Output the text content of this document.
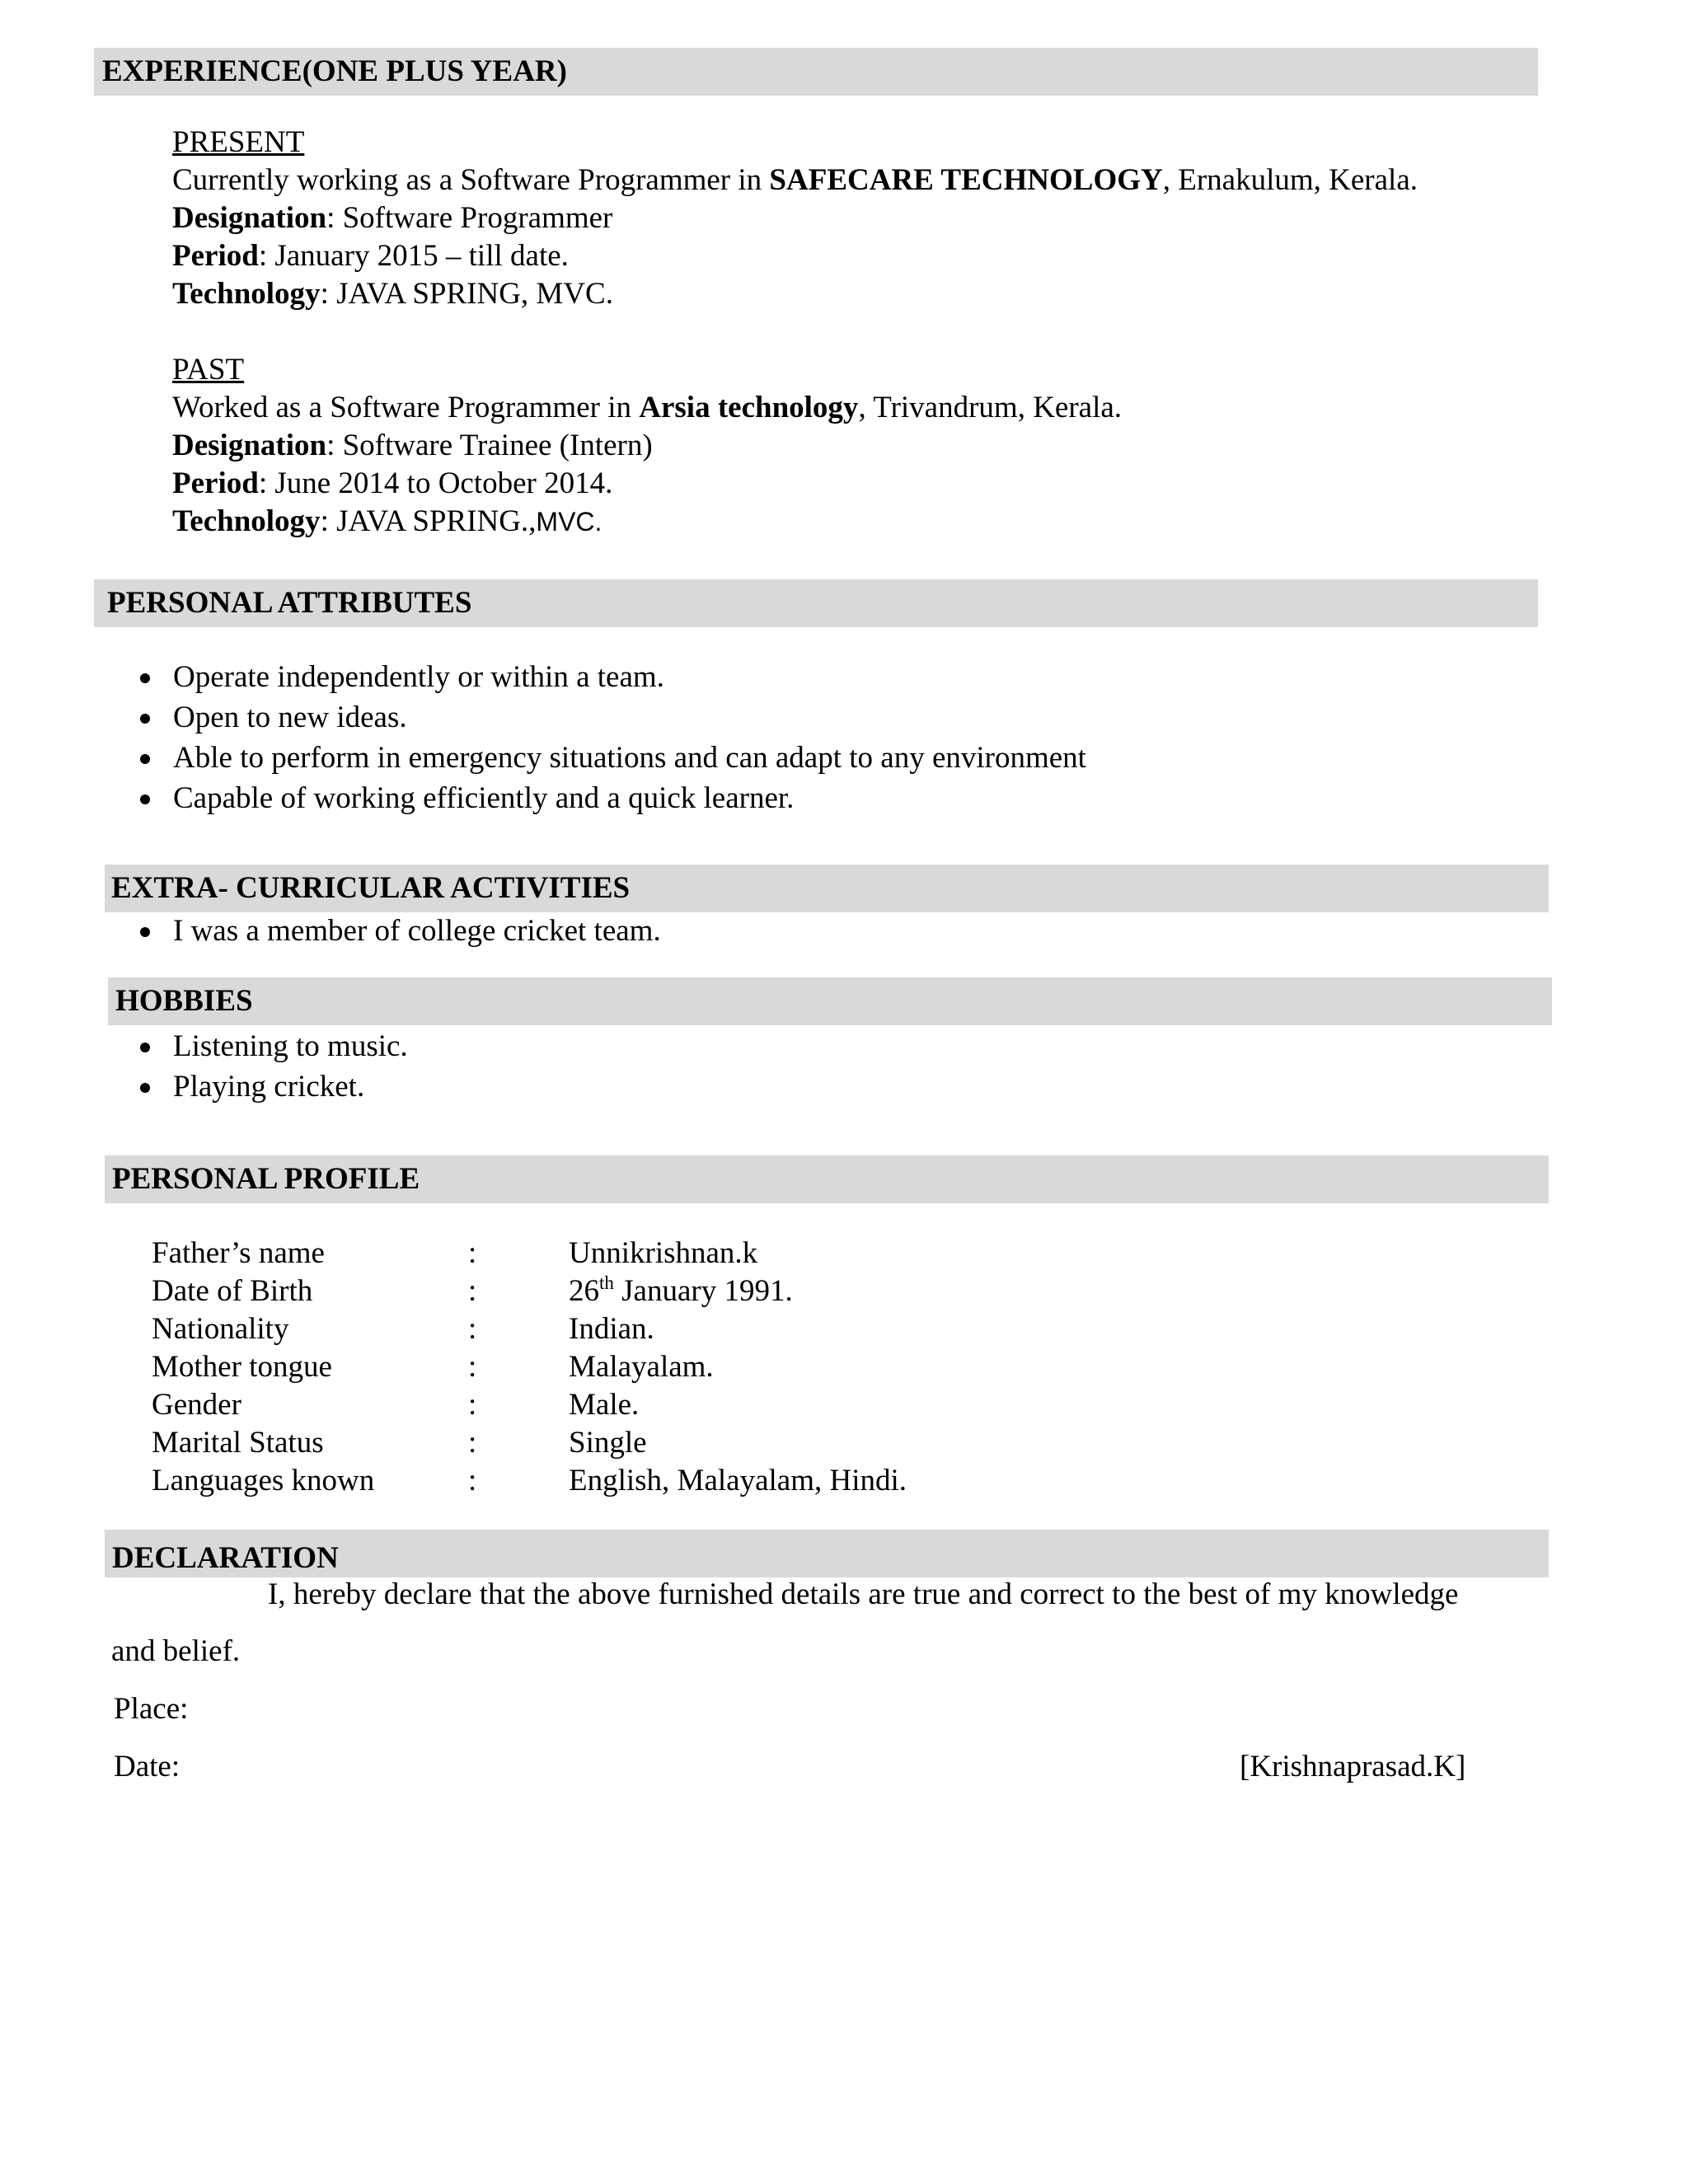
EXPERIENCE(ONE PLUS YEAR)
PRESENT
Currently working as a Software Programmer in SAFECARE TECHNOLOGY, Ernakulum, Kerala.
Designation: Software Programmer
Period: January 2015 – till date.
Technology: JAVA SPRING, MVC.
PAST
Worked as a Software Programmer in Arsia technology, Trivandrum, Kerala.
Designation: Software Trainee (Intern)
Period: June 2014 to October 2014.
Technology: JAVA SPRING.,MVC.
PERSONAL ATTRIBUTES
Operate independently or within a team.
Open to new ideas.
Able to perform in emergency situations and can adapt to any environment
Capable of working efficiently and a quick learner.
EXTRA- CURRICULAR ACTIVITIES
I was a member of college cricket team.
HOBBIES
Listening to music.
Playing cricket.
PERSONAL PROFILE
Father’s name	:	Unnikrishnan.k
Date of Birth	:	26th January 1991.
Nationality	:	Indian.
Mother tongue	:	Malayalam.
Gender	:	Male.
Marital Status	:	Single
Languages known	:	English, Malayalam, Hindi.
DECLARATION
I, hereby declare that the above furnished details are true and correct to the best of my knowledge
and belief.
Place:
Date:	[Krishnaprasad.K]
